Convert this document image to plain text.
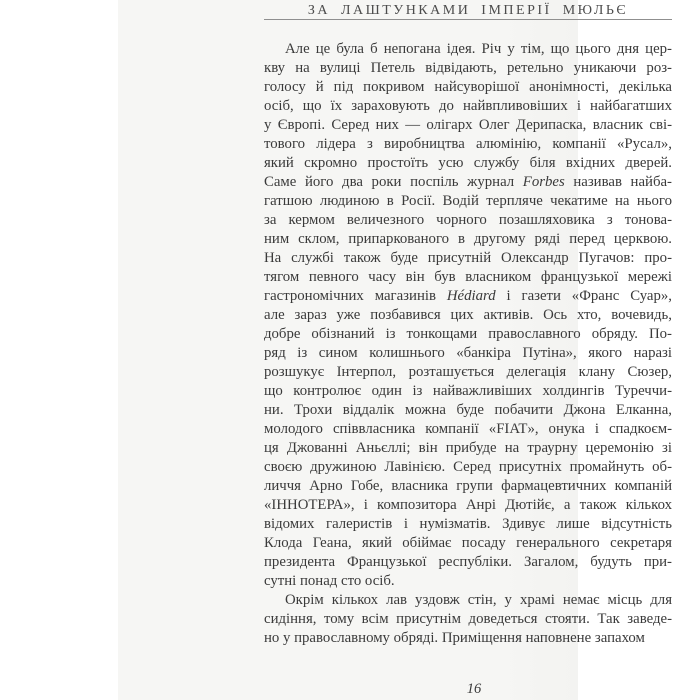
ЗА ЛАШТУНКАМИ ІМПЕРІЇ МЮЛЬЄ
Але це була б непогана ідея. Річ у тім, що цього дня цер-
кву на вулиці Петель відвідають, ретельно уникаючи роз-
голосу й під покривом найсуворішої анонімності, декілька
осіб, що їх зараховують до найвпливовіших і найбагатших
у Європі. Серед них — олігарх Олег Дерипаска, власник сві-
тового лідера з виробництва алюмінію, компанії «Русал»,
який скромно простоїть усю службу біля вхідних дверей.
Саме його два роки поспіль журнал Forbes називав найба-
гатшою людиною в Росії. Водій терпляче чекатиме на нього
за кермом величезного чорного позашляховика з тонова-
ним склом, припаркованого в другому ряді перед церквою.
На службі також буде присутній Олександр Пугачов: про-
тягом певного часу він був власником французької мережі
гастрономічних магазинів Hédiard і газети «Франс Суар»,
але зараз уже позбавився цих активів. Ось хто, вочевидь,
добре обізнаний із тонкощами православного обряду. По-
ряд із сином колишнього «банкіра Путіна», якого наразі
розшукує Інтерпол, розташується делегація клану Сюзер,
що контролює один із найважливіших холдингів Туреччи-
ни. Трохи віддалік можна буде побачити Джона Елканна,
молодого співвласника компанії «FIAT», онука і спадкоєм-
ця Джованні Аньєллі; він прибуде на траурну церемонію зі
своєю дружиною Лавінією. Серед присутніх промайнуть об-
личчя Арно Гобе, власника групи фармацевтичних компаній
«ІННОТЕРА», і композитора Анрі Дютійє, а також кількох
відомих галеристів і нумізматів. Здивує лише відсутність
Клода Геана, який обіймає посаду генерального секретаря
президента Французької республіки. Загалом, будуть при-
сутні понад сто осіб.
Окрім кількох лав уздовж стін, у храмі немає місць для
сидіння, тому всім присутнім доведеться стояти. Так заведе-
но у православному обряді. Приміщення наповнене запахом
16
